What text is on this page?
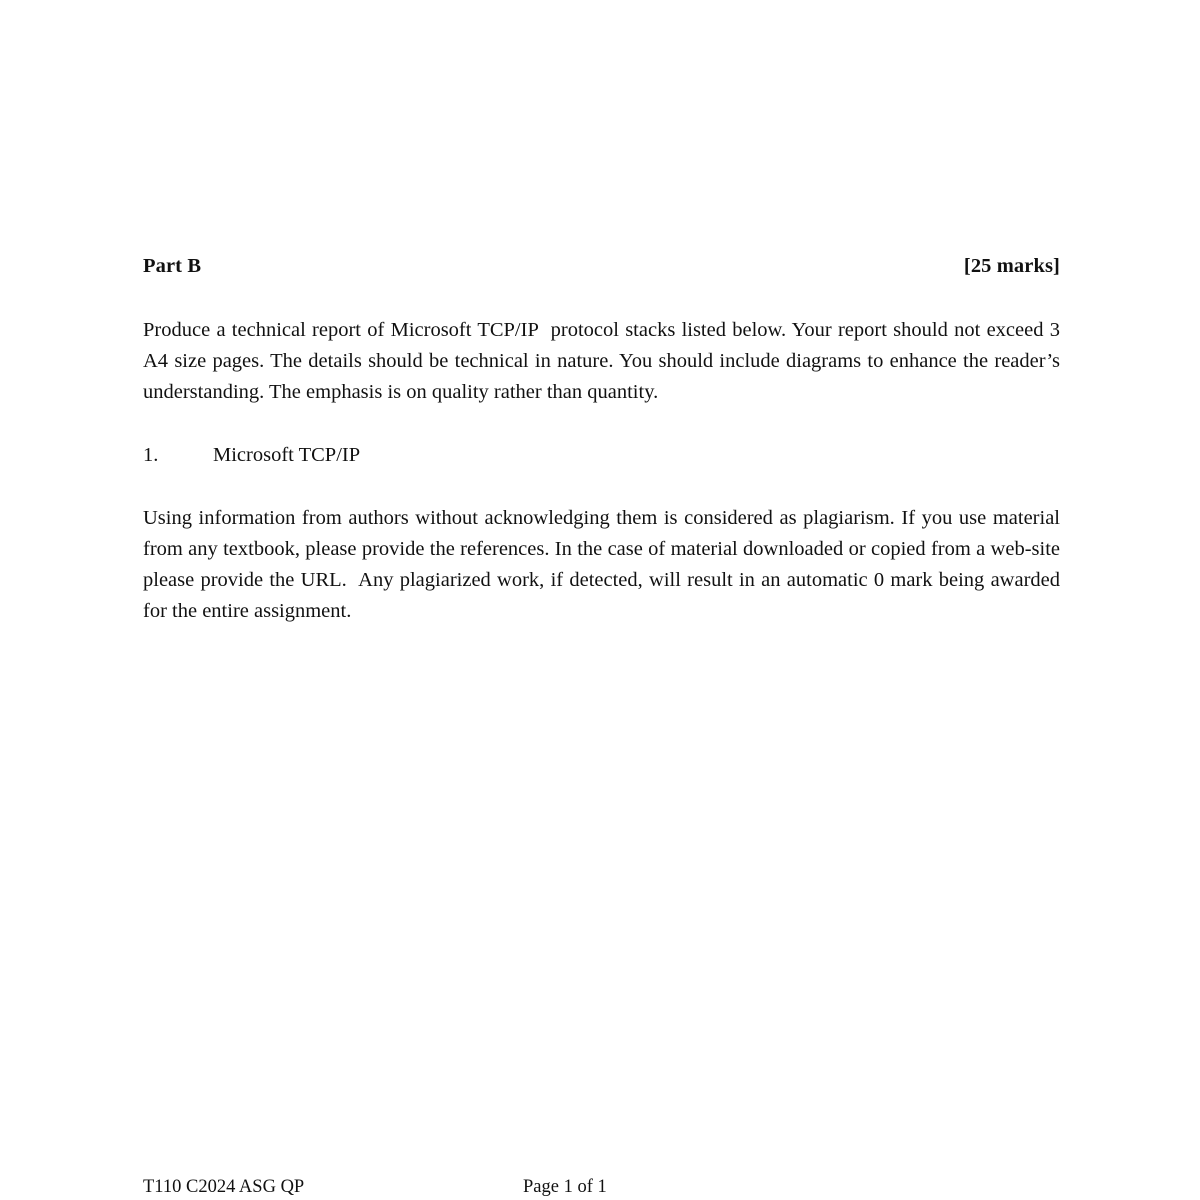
Part B	[25 marks]

Produce a technical report of Microsoft TCP/IP  protocol stacks listed below. Your report should not exceed 3 A4 size pages. The details should be technical in nature. You should include diagrams to enhance the reader’s understanding. The emphasis is on quality rather than quantity.

1.	Microsoft TCP/IP

Using information from authors without acknowledging them is considered as plagiarism. If you use material from any textbook, please provide the references. In the case of material downloaded or copied from a web-site please provide the URL.  Any plagiarized work, if detected, will result in an automatic 0 mark being awarded for the entire assignment.

T110 C2024 ASG QP

	Page 1 of 1
